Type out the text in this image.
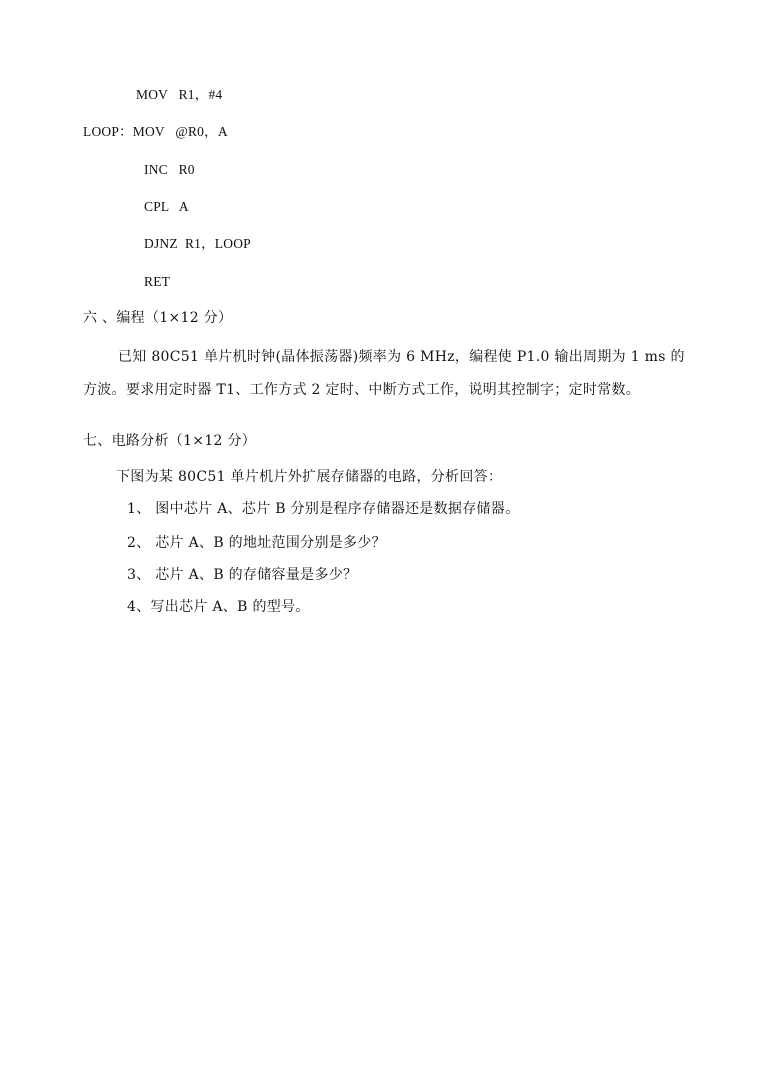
MOV   R1，#4
LOOP：MOV   @R0，A
INC   R0
CPL   A
DJNZ  R1，LOOP
RET
六 、编程（1×12 分）
已知 80C51 单片机时钟(晶体振荡器)频率为 6 MHz，编程使 P1.0 输出周期为 1 ms 的
方波。要求用定时器 T1、工作方式 2 定时、中断方式工作，说明其控制字；定时常数。
七、电路分析（1×12 分）
下图为某 80C51 单片机片外扩展存储器的电路，分析回答：
1、 图中芯片 A、芯片 B 分别是程序存储器还是数据存储器。
2、 芯片 A、B 的地址范围分别是多少？
3、 芯片 A、B 的存储容量是多少？
4、写出芯片 A、B 的型号。
